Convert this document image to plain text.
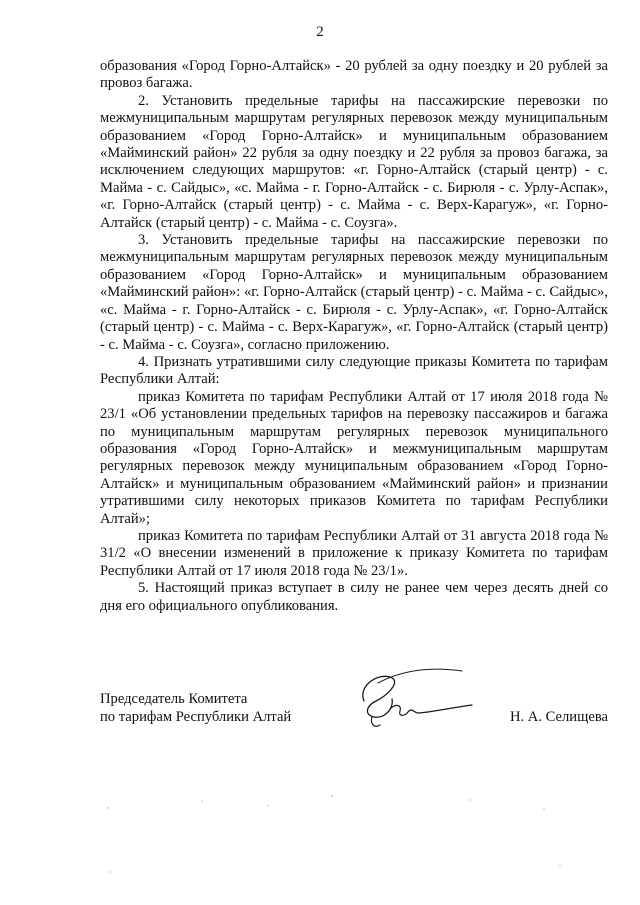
2

образования «Город Горно-Алтайск» - 20 рублей за одну поездку и 20 рублей за провоз багажа.

2. Установить предельные тарифы на пассажирские перевозки по межмуниципальным маршрутам регулярных перевозок между муниципальным образованием «Город Горно-Алтайск» и муниципальным образованием «Майминский район» 22 рубля за одну поездку и 22 рубля за провоз багажа, за исключением следующих маршрутов: «г. Горно-Алтайск (старый центр) - с. Майма - с. Сайдыс», «с. Майма - г. Горно-Алтайск - с. Бирюля - с. Урлу-Аспак», «г. Горно-Алтайск (старый центр) - с. Майма - с. Верх-Карагуж», «г. Горно-Алтайск (старый центр) - с. Майма - с. Соузга».

3. Установить предельные тарифы на пассажирские перевозки по межмуниципальным маршрутам регулярных перевозок между муниципальным образованием «Город Горно-Алтайск» и муниципальным образованием «Майминский район»: «г. Горно-Алтайск (старый центр) - с. Майма - с. Сайдыс», «с. Майма - г. Горно-Алтайск - с. Бирюля - с. Урлу-Аспак», «г. Горно-Алтайск (старый центр) - с. Майма - с. Верх-Карагуж», «г. Горно-Алтайск (старый центр) - с. Майма - с. Соузга», согласно приложению.

4. Признать утратившими силу следующие приказы Комитета по тарифам Республики Алтай:

приказ Комитета по тарифам Республики Алтай от 17 июля 2018 года № 23/1 «Об установлении предельных тарифов на перевозку пассажиров и багажа по муниципальным маршрутам регулярных перевозок муниципального образования «Город Горно-Алтайск» и межмуниципальным маршрутам регулярных перевозок между муниципальным образованием «Город Горно-Алтайск» и муниципальным образованием «Майминский район» и признании утратившими силу некоторых приказов Комитета по тарифам Республики Алтай»;

приказ Комитета по тарифам Республики Алтай от 31 августа 2018 года № 31/2 «О внесении изменений в приложение к приказу Комитета по тарифам Республики Алтай от 17 июля 2018 года № 23/1».

5. Настоящий приказ вступает в силу не ранее чем через десять дней со дня его официального опубликования.

Председатель Комитета
по тарифам Республики Алтай	Н. А. Селищева
